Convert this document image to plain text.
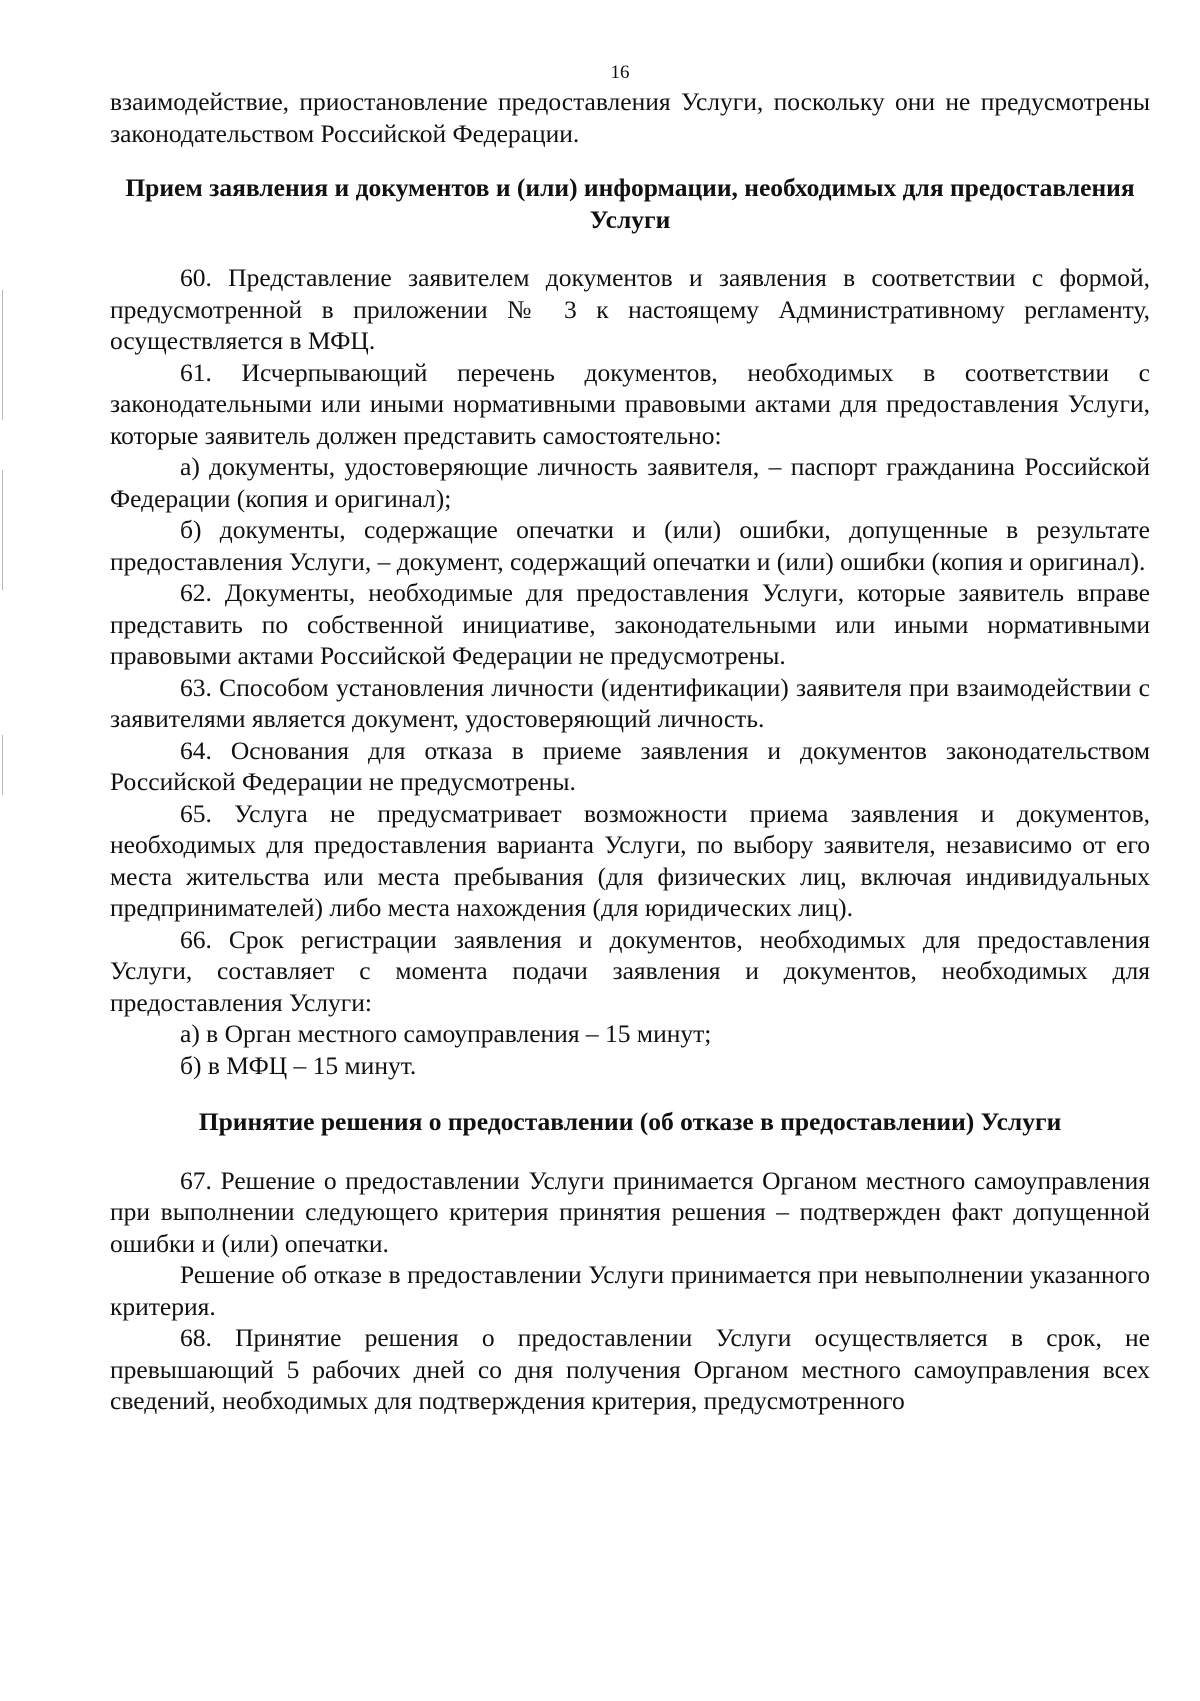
16

взаимодействие, приостановление предоставления Услуги, поскольку они не предусмотрены законодательством Российской Федерации.

Прием заявления и документов и (или) информации, необходимых для предоставления Услуги

60. Представление заявителем документов и заявления в соответствии с формой, предусмотренной в приложении № 3 к настоящему Административному регламенту, осуществляется в МФЦ.

61. Исчерпывающий перечень документов, необходимых в соответствии с законодательными или иными нормативными правовыми актами для предоставления Услуги, которые заявитель должен представить самостоятельно:

а) документы, удостоверяющие личность заявителя, – паспорт гражданина Российской Федерации (копия и оригинал);

б) документы, содержащие опечатки и (или) ошибки, допущенные в результате предоставления Услуги, – документ, содержащий опечатки и (или) ошибки (копия и оригинал).

62. Документы, необходимые для предоставления Услуги, которые заявитель вправе представить по собственной инициативе, законодательными или иными нормативными правовыми актами Российской Федерации не предусмотрены.

63. Способом установления личности (идентификации) заявителя при взаимодействии с заявителями является документ, удостоверяющий личность.

64. Основания для отказа в приеме заявления и документов законодательством Российской Федерации не предусмотрены.

65. Услуга не предусматривает возможности приема заявления и документов, необходимых для предоставления варианта Услуги, по выбору заявителя, независимо от его места жительства или места пребывания (для физических лиц, включая индивидуальных предпринимателей) либо места нахождения (для юридических лиц).

66. Срок регистрации заявления и документов, необходимых для предоставления Услуги, составляет с момента подачи заявления и документов, необходимых для предоставления Услуги:

а) в Орган местного самоуправления – 15 минут;

б) в МФЦ – 15 минут.

Принятие решения о предоставлении (об отказе в предоставлении) Услуги

67. Решение о предоставлении Услуги принимается Органом местного самоуправления при выполнении следующего критерия принятия решения – подтвержден факт допущенной ошибки и (или) опечатки.

Решение об отказе в предоставлении Услуги принимается при невыполнении указанного критерия.

68. Принятие решения о предоставлении Услуги осуществляется в срок, не превышающий 5 рабочих дней со дня получения Органом местного самоуправления всех сведений, необходимых для подтверждения критерия, предусмотренного
